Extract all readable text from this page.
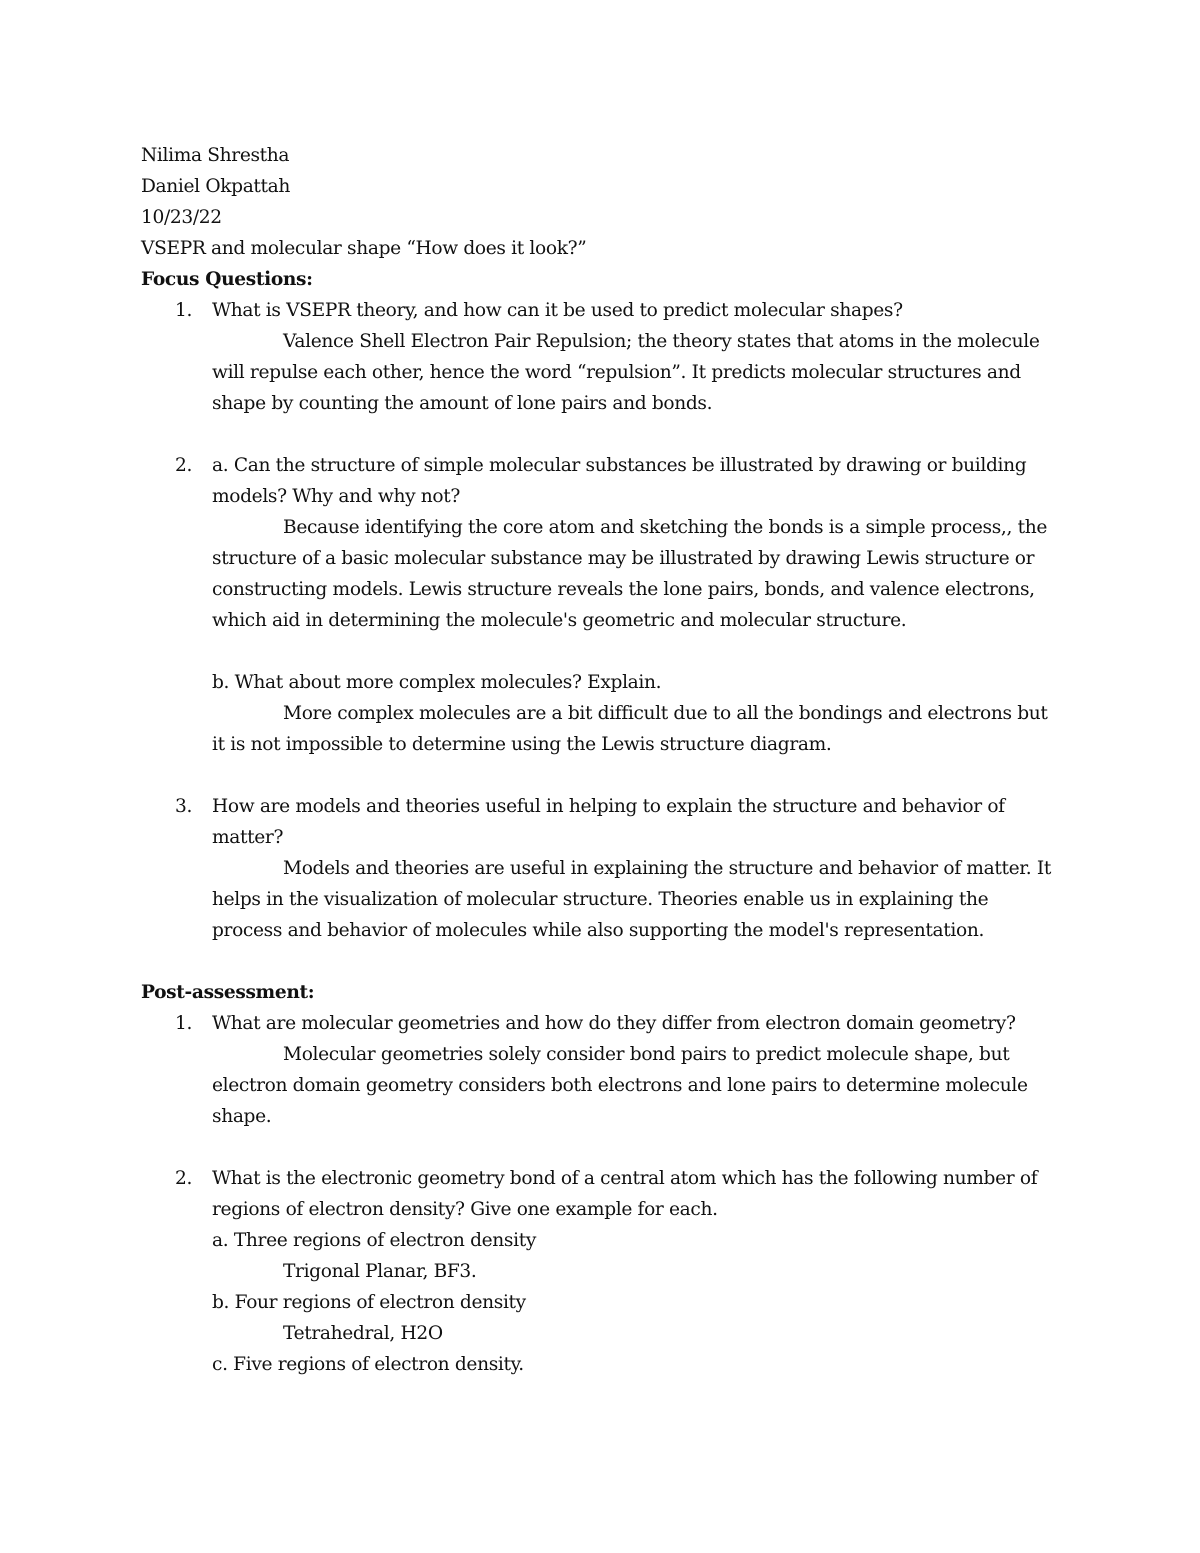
Nilima Shrestha
Daniel Okpattah
10/23/22
VSEPR and molecular shape “How does it look?”
Focus Questions:
1. What is VSEPR theory, and how can it be used to predict molecular shapes?
Valence Shell Electron Pair Repulsion; the theory states that atoms in the molecule will repulse each other, hence the word “repulsion”. It predicts molecular structures and shape by counting the amount of lone pairs and bonds.
2. a. Can the structure of simple molecular substances be illustrated by drawing or building models? Why and why not?
Because identifying the core atom and sketching the bonds is a simple process,, the structure of a basic molecular substance may be illustrated by drawing Lewis structure or constructing models. Lewis structure reveals the lone pairs, bonds, and valence electrons, which aid in determining the molecule's geometric and molecular structure.
b. What about more complex molecules? Explain.
More complex molecules are a bit difficult due to all the bondings and electrons but it is not impossible to determine using the Lewis structure diagram.
3. How are models and theories useful in helping to explain the structure and behavior of matter?
Models and theories are useful in explaining the structure and behavior of matter. It helps in the visualization of molecular structure. Theories enable us in explaining the process and behavior of molecules while also supporting the model's representation.
Post-assessment:
1. What are molecular geometries and how do they differ from electron domain geometry?
Molecular geometries solely consider bond pairs to predict molecule shape, but electron domain geometry considers both electrons and lone pairs to determine molecule shape.
2. What is the electronic geometry bond of a central atom which has the following number of regions of electron density? Give one example for each.
a. Three regions of electron density
Trigonal Planar, BF3.
b. Four regions of electron density
Tetrahedral, H2O
c. Five regions of electron density.
